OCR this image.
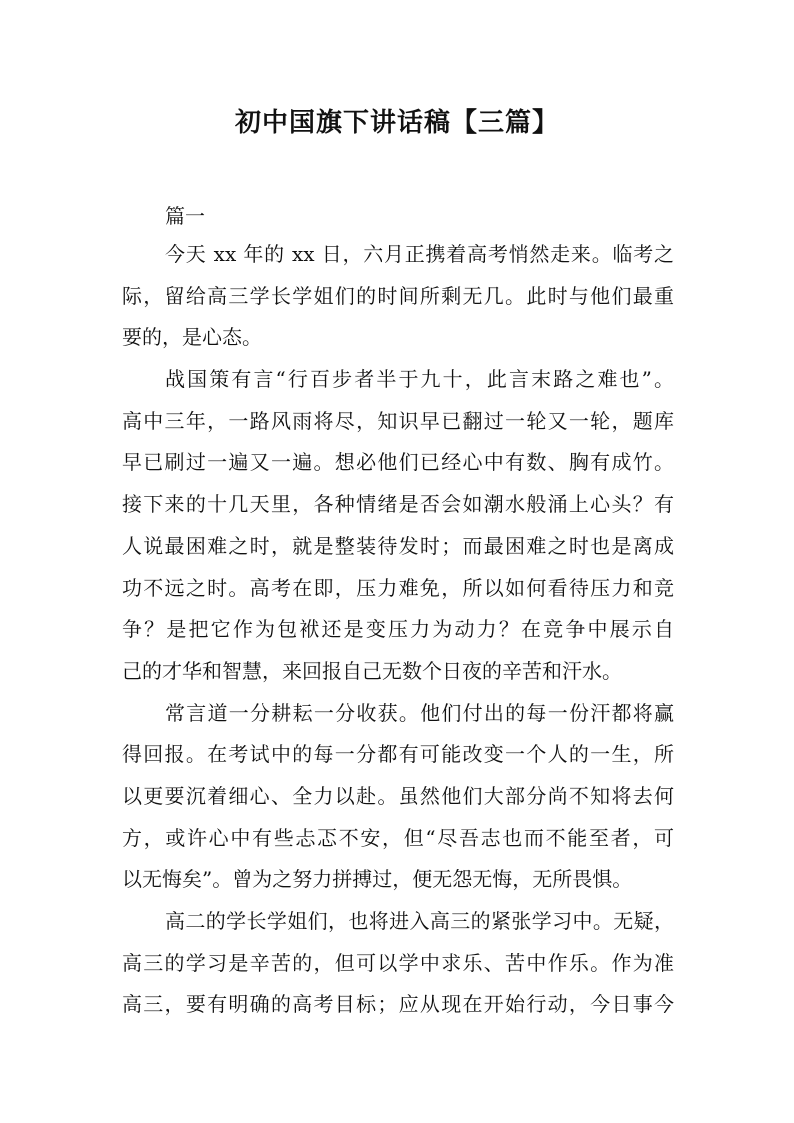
初中国旗下讲话稿【三篇】
篇一
今天 xx 年的 xx 日，六月正携着高考悄然走来。临考之
际，留给高三学长学姐们的时间所剩无几。此时与他们最重
要的，是心态。
战国策有言“行百步者半于九十，此言末路之难也”。
高中三年，一路风雨将尽，知识早已翻过一轮又一轮，题库
早已刷过一遍又一遍。想必他们已经心中有数、胸有成竹。
接下来的十几天里，各种情绪是否会如潮水般涌上心头？有
人说最困难之时，就是整装待发时；而最困难之时也是离成
功不远之时。高考在即，压力难免，所以如何看待压力和竞
争？是把它作为包袱还是变压力为动力？在竞争中展示自
己的才华和智慧，来回报自己无数个日夜的辛苦和汗水。
常言道一分耕耘一分收获。他们付出的每一份汗都将赢
得回报。在考试中的每一分都有可能改变一个人的一生，所
以更要沉着细心、全力以赴。虽然他们大部分尚不知将去何
方，或许心中有些忐忑不安，但“尽吾志也而不能至者，可
以无悔矣”。曾为之努力拼搏过，便无怨无悔，无所畏惧。
高二的学长学姐们，也将进入高三的紧张学习中。无疑，
高三的学习是辛苦的，但可以学中求乐、苦中作乐。作为准
高三，要有明确的高考目标；应从现在开始行动，今日事今
